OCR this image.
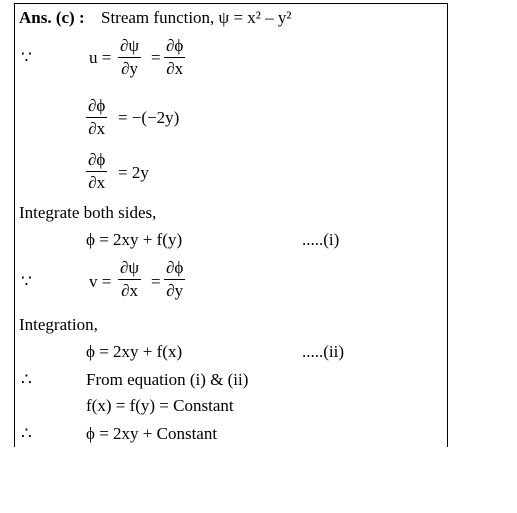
Ans. (c) : Stream function, ψ = x² – y²
∵	u =
∂ψ
∂y
=
∂ϕ
∂x
∂ϕ
∂x
= −(−2y)
∂ϕ
∂x
= 2y
Integrate both sides,
ϕ = 2xy + f(y)	.....(i)
∵	v =
∂ψ
∂x =
∂ϕ
∂y
Integration,
ϕ = 2xy + f(x)	.....(ii)
∴	From equation (i) & (ii)
f(x) = f(y) = Constant
∴	ϕ = 2xy + Constant
